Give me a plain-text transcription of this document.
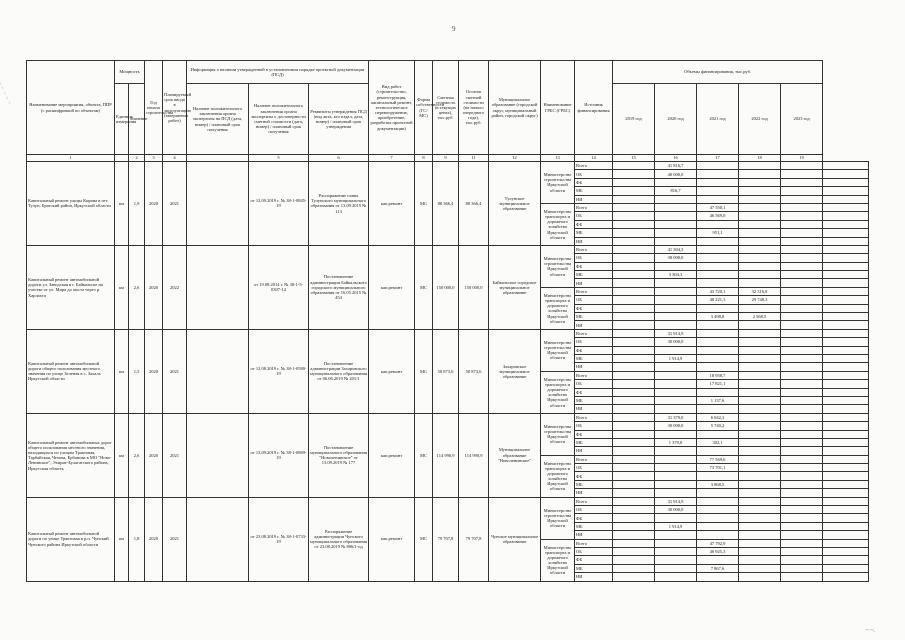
9
Наименование мероприятия, объекта, ППР (с расшифровкой по объектам)	Мощность		Год начала строительства	Планируемый срок ввода в эксплуатацию (завершения работ)	Информация о наличии утвержденной в установленном порядке проектной документации (ПСД)			Вид работ (строительство, реконструкция, капитальный ремонт, технологическое перевооружение, приобретение, разработка проектной документации)	Форма собственности (ГС/МС)	Сметная стоимость (в текущих ценах), тыс.руб.	Остаток сметной стоимости (на начало очередного года), тыс.руб.	Муниципальное образование (городской округ, муниципальный район, городской округ)	Наименование ГРБС (ГРБС)	Источник финансирования	Объемы финансирования, тыс.руб.					
	Единица измерения	Значение			Наличие положительного заключения органа экспертизы на ПСД (дата, номер) / плановый срок получения	Наличие положительного заключения органа экспертизы о достоверности сметной стоимости (дата, номер) / плановый срок получения	Реквизиты утверждения ПСД (вид акта, кто издал, дата, номер) / плановый срок утверждения								2019 год	2020 год	2021 год	2022 год	2023 год	
1		2	3	4		5	6	7	8	9	11	12	13	14	15	16	17	18	19	
Капитальный ремонт улицы Кирова в пгт. Тулун, Братский район, Иркутской области	км	1,9	2020	2021		от 12.09.2019 г. № 38-1-0845-19	Распоряжение главы Тулунского муниципального образования от 13.09.2019 № 113	кап.ремонт	МС	88 366,4	88 366,4	Тулунское муниципальное образование	Министерство строительства Иркутской области	Всего		41 816,7				
														ОБ		40 000,0				
														ФБ						
														МБ		816,7				
														НИ						
													Министерство транспорта и дорожного хозяйства Иркутской области	Всего			47 550,1			
														ОБ			46 569,0			
														ФБ						
														МБ			951,1			
														НИ						
Капитальный ремонт автомобильной дороги ул. Заводская в г. Байкальске на участке от ул. Мира до моста через р. Харлахта	км	2,6	2020	2022		от 19.08.2014 г. № 38-1-5-0307-14	Постановление администрации Байкальского городского муниципального образования от 16.05.2015 № 454	кап.ремонт	МС	150 000,0	150 000,0	Байкальское городское муниципальное образование	Министерство строительства Иркутской области	Всего		41 304,3				
														ОБ		38 000,0				
														ФБ						
														МБ		3 304,3				
														НИ						
													Министерство транспорта и дорожного хозяйства Иркутской области	Всего			43 720,1	32 316,8		
														ОБ			40 221,3	29 748,3		
														ФБ						
														МБ			3 498,8	2 568,5		
														НИ						
Капитальный ремонт автомобильной дороги общего пользования местного значения по улице Зеленая в с. Захаль Иркутской области	км	1,5	2020	2021		от 12.08.2019 г. № 38-1-0580-19	Постановление администрации Захаровского муниципального образования от 06.06.2019 № 201/1	кап.ремонт	МС	50 873,6	50 873,6	Захаровское муниципальное образование	Министерство строительства Иркутской области	Всего		31 914,9				
														ОБ		30 000,0				
														ФБ						
														МБ		1 914,9				
														НИ						
													Министерство транспорта и дорожного хозяйства Иркутской области	Всего			18 958,7			
														ОБ			17 821,1			
														ФБ						
														МБ			1 137,6			
														НИ						
Капитальный ремонт автомобильных дорог общего пользования местного значения, находящихся по улицам Трактовая, Тарбайская, Чехова, Ербанова в МО "Ново-Ленинское", Эхирит-Булагатского района, Иркутская область	км	2,6	2020	2021		от 13.09.2019 г. № 38-1-0869-19	Постановление муниципального образования "Новоленинское" от 13.09.2019 № 177	кап.ремонт	МС	114 990,9	114 990,9	Муниципальное образование "Новоленинское"	Министерство строительства Иркутской области	Всего		31 379,0	6 042,3			
														ОБ		30 000,0	5 740,2			
														ФБ						
														МБ		1 379,0	302,1			
														НИ						
													Министерство транспорта и дорожного хозяйства Иркутской области	Всего			77 569,6			
														ОБ			73 701,1			
														ФБ						
														МБ			3 868,5			
														НИ						
Капитальный ремонт автомобильной дороги по улице Трактовая в р.п. Чунский Чунского района Иркутской области	км	1,8	2020	2021		от 23.08.2019 г. № 38-1-0733-19	Распоряжение администрации Чунского муниципального образования от 23.08.2019 № 806/1-од	кап.ремонт	МС	79 707,8	79 707,8	Чунское муниципальное образование	Министерство строительства Иркутской области	Всего		31 914,9				
														ОБ		30 000,0				
														ФБ						
														МБ		1 914,9				
														НИ						
													Министерство транспорта и дорожного хозяйства Иркутской области	Всего			47 792,9			
														ОБ			40 925,3			
														ФБ						
														МБ			7 867,6			
														НИ						
~ ~.
